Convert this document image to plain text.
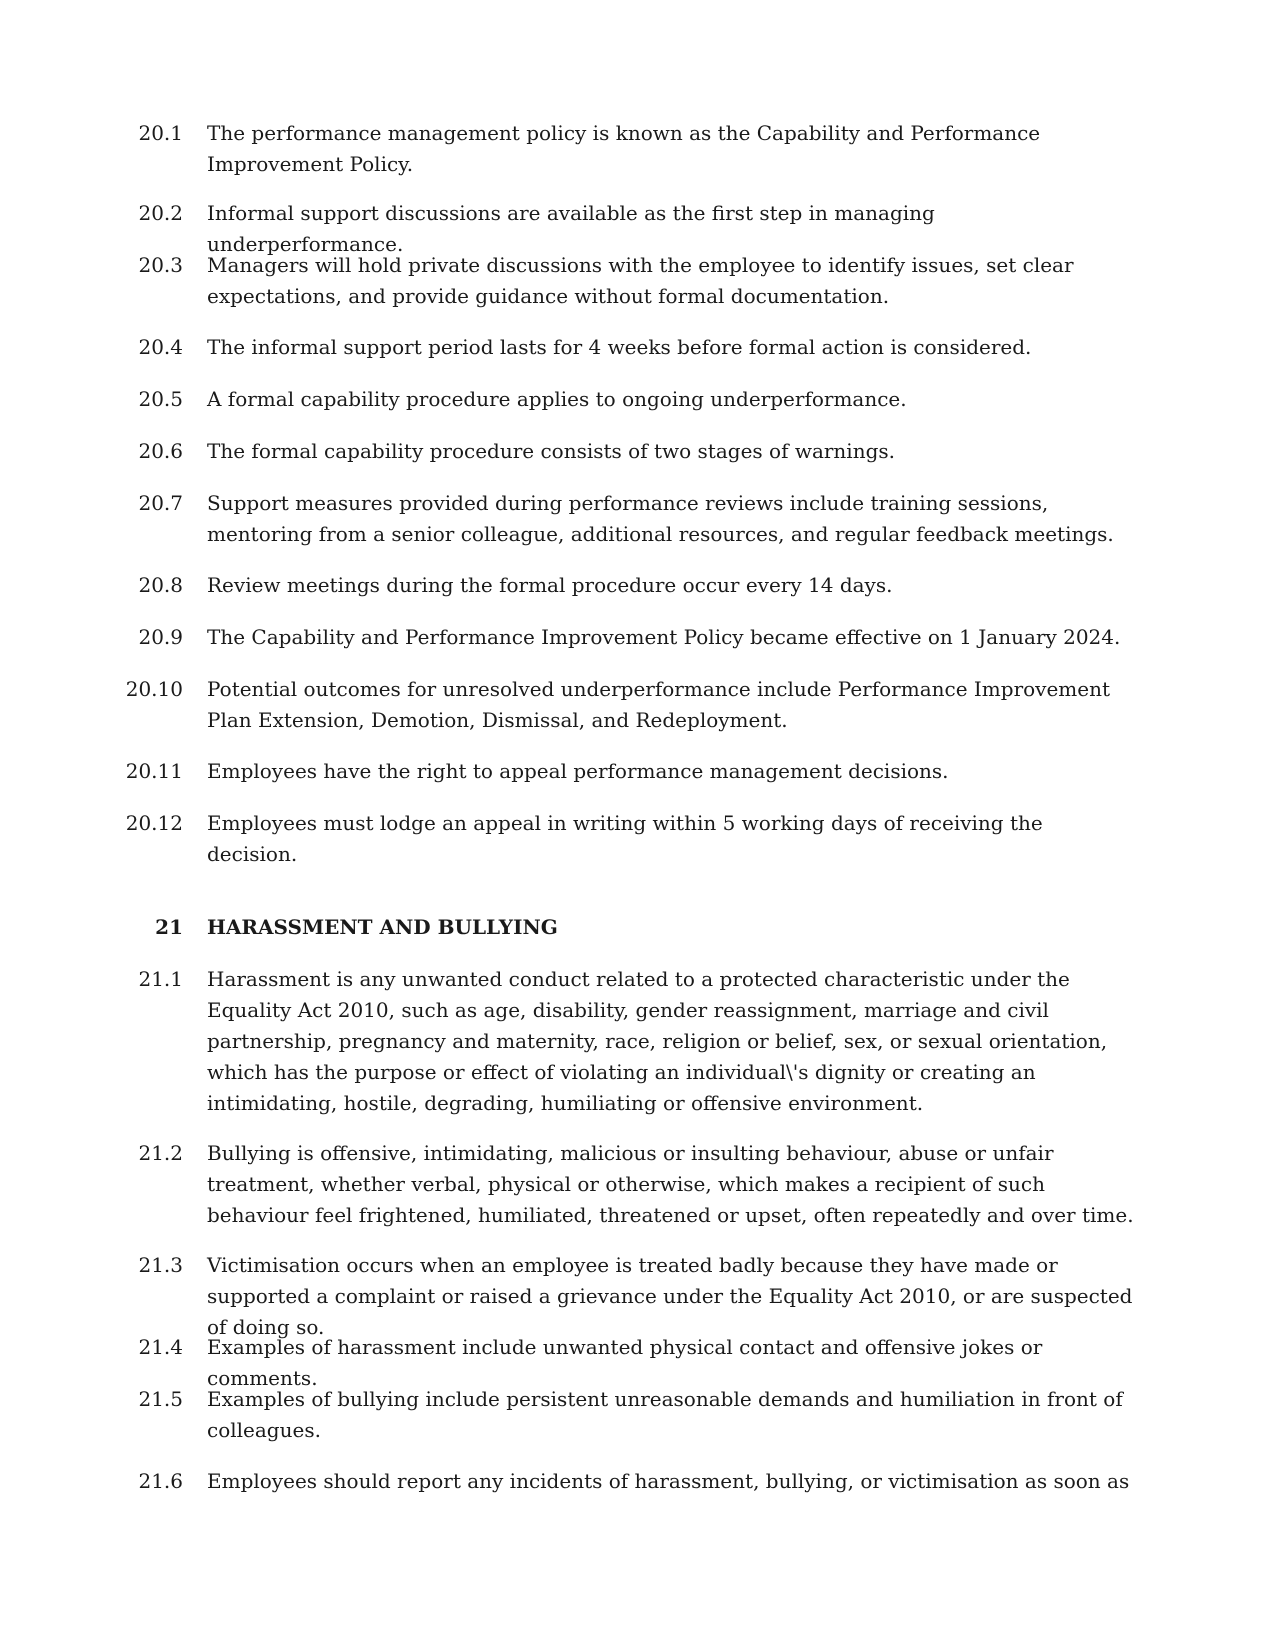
20.1 The performance management policy is known as the Capability and Performance Improvement Policy.
20.2 Informal support discussions are available as the first step in managing underperformance.
20.3 Managers will hold private discussions with the employee to identify issues, set clear expectations, and provide guidance without formal documentation.
20.4 The informal support period lasts for 4 weeks before formal action is considered.
20.5 A formal capability procedure applies to ongoing underperformance.
20.6 The formal capability procedure consists of two stages of warnings.
20.7 Support measures provided during performance reviews include training sessions, mentoring from a senior colleague, additional resources, and regular feedback meetings.
20.8 Review meetings during the formal procedure occur every 14 days.
20.9 The Capability and Performance Improvement Policy became effective on 1 January 2024.
20.10 Potential outcomes for unresolved underperformance include Performance Improvement Plan Extension, Demotion, Dismissal, and Redeployment.
20.11 Employees have the right to appeal performance management decisions.
20.12 Employees must lodge an appeal in writing within 5 working days of receiving the decision.
21 HARASSMENT AND BULLYING
21.1 Harassment is any unwanted conduct related to a protected characteristic under the Equality Act 2010, such as age, disability, gender reassignment, marriage and civil partnership, pregnancy and maternity, race, religion or belief, sex, or sexual orientation, which has the purpose or effect of violating an individual\'s dignity or creating an intimidating, hostile, degrading, humiliating or offensive environment.
21.2 Bullying is offensive, intimidating, malicious or insulting behaviour, abuse or unfair treatment, whether verbal, physical or otherwise, which makes a recipient of such behaviour feel frightened, humiliated, threatened or upset, often repeatedly and over time.
21.3 Victimisation occurs when an employee is treated badly because they have made or supported a complaint or raised a grievance under the Equality Act 2010, or are suspected of doing so.
21.4 Examples of harassment include unwanted physical contact and offensive jokes or comments.
21.5 Examples of bullying include persistent unreasonable demands and humiliation in front of colleagues.
21.6 Employees should report any incidents of harassment, bullying, or victimisation as soon as
